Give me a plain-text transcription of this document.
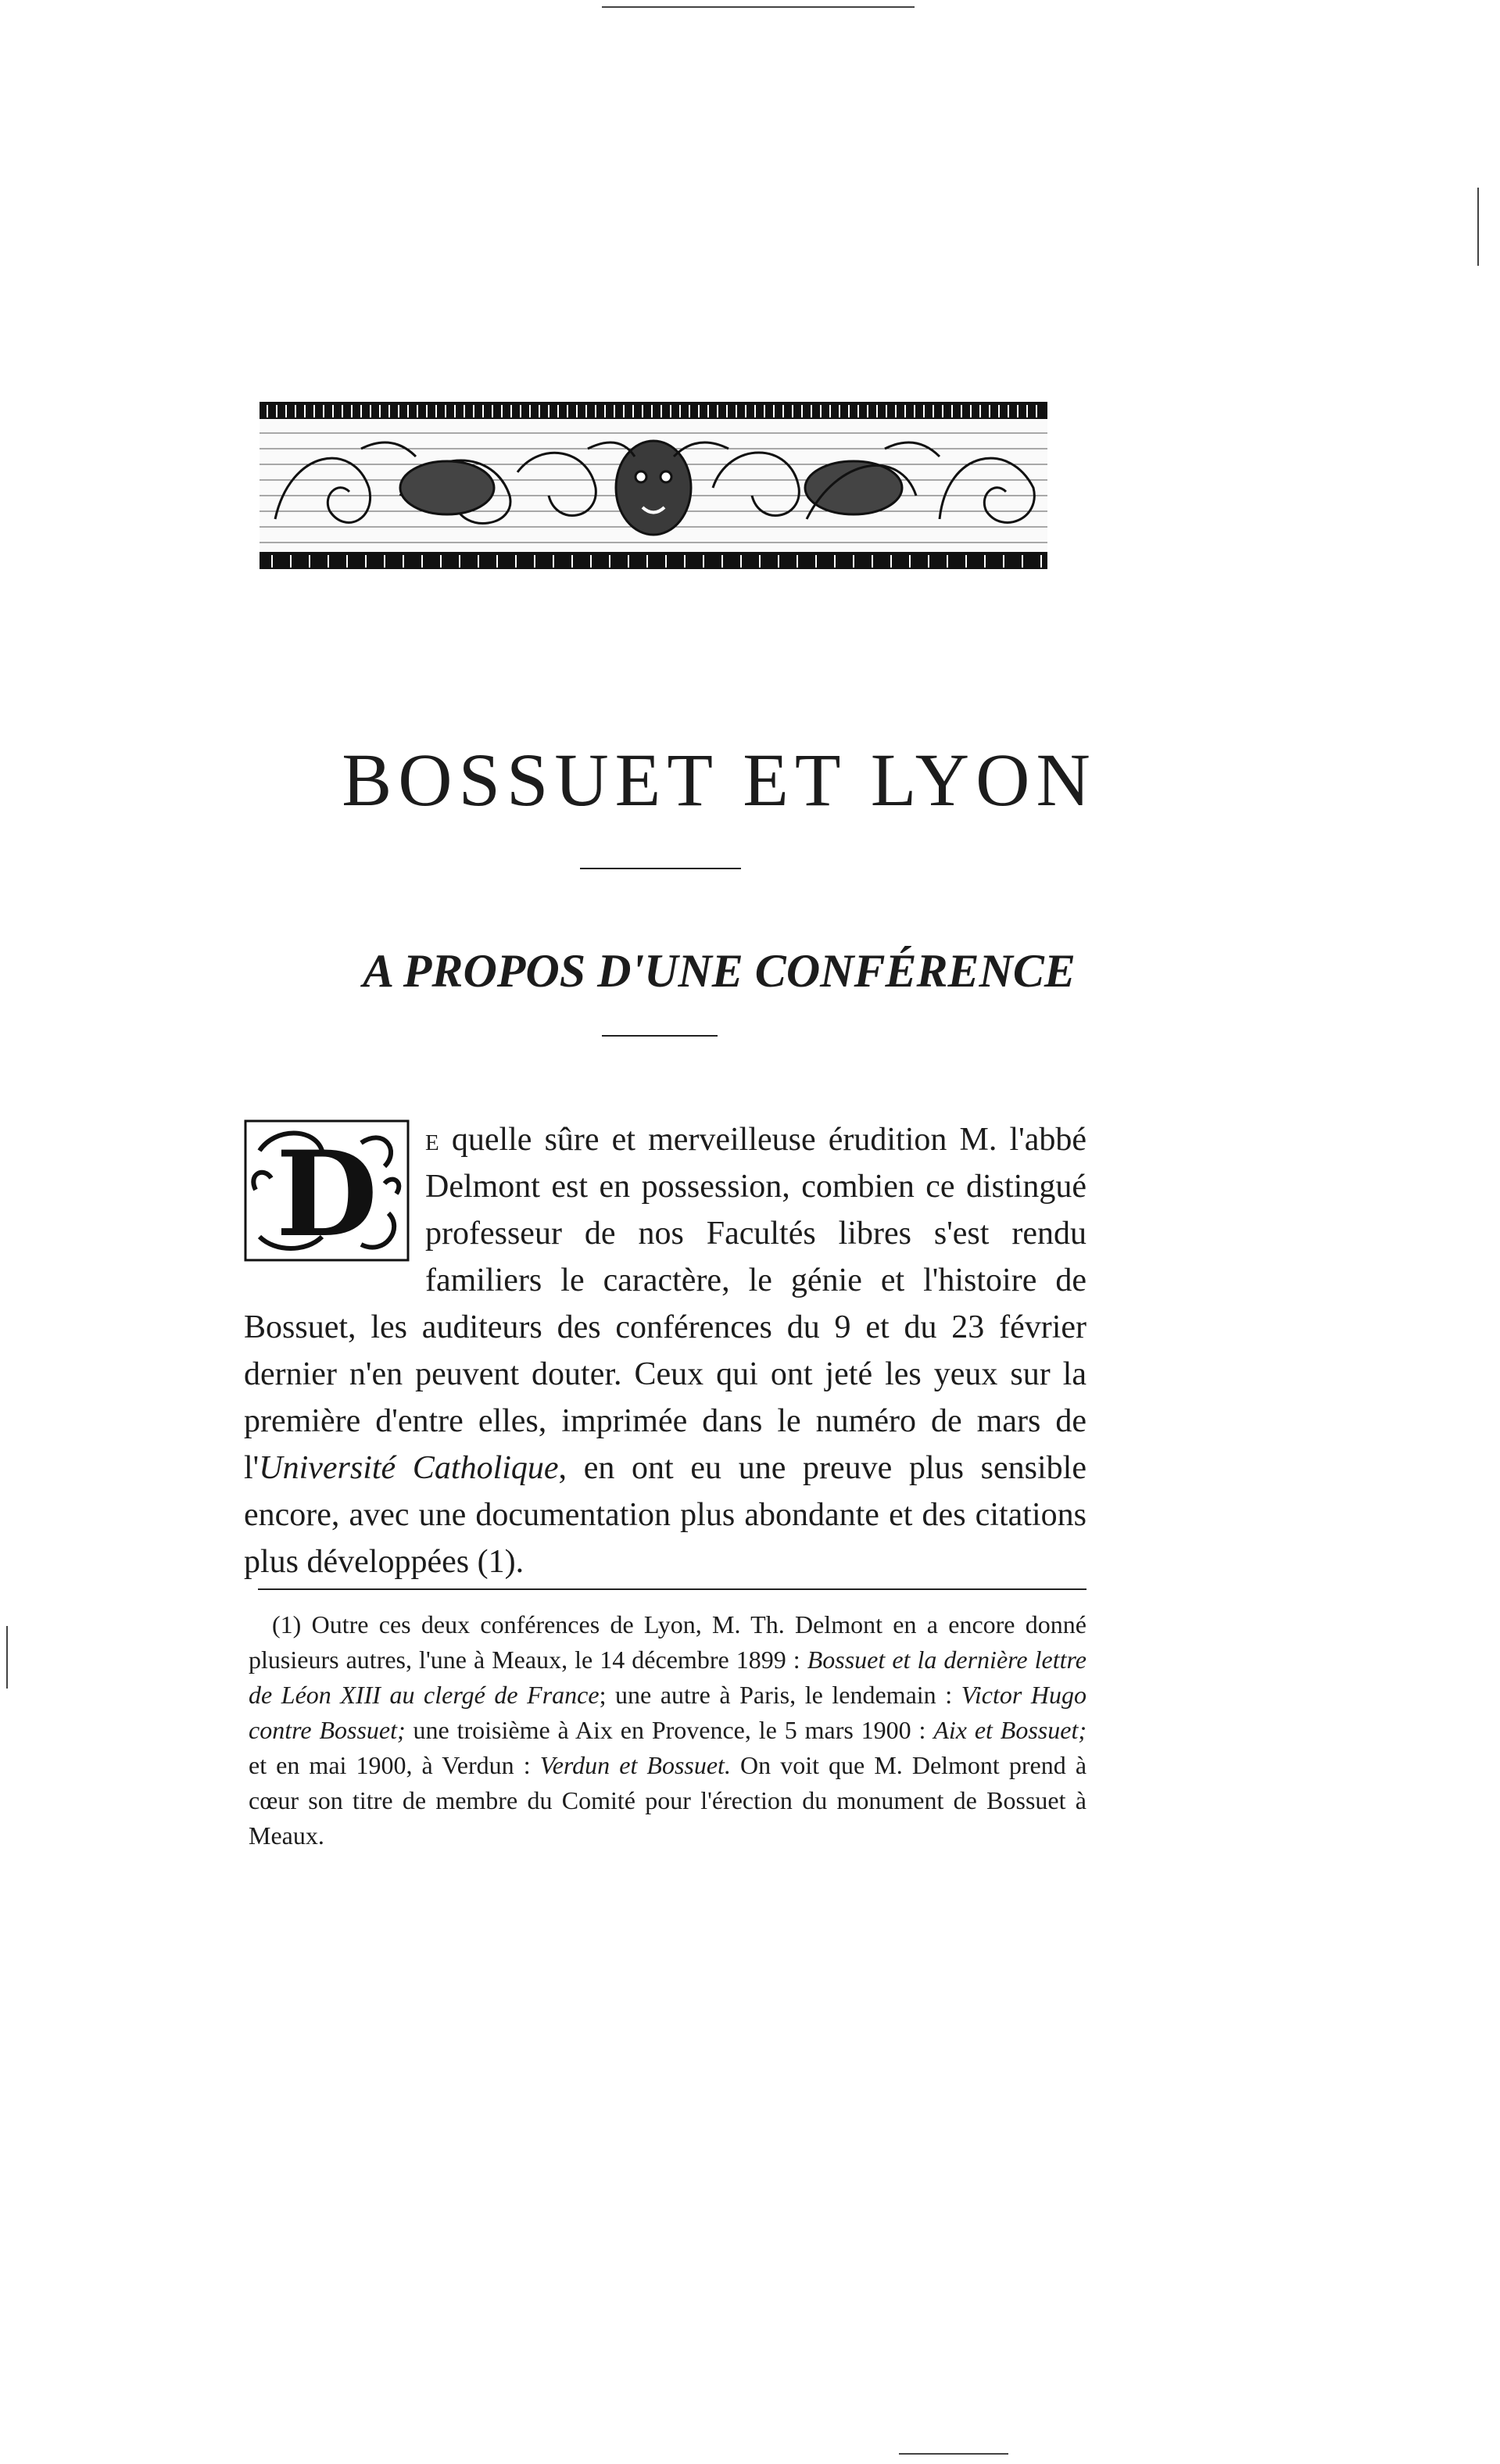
BOSSUET ET LYON
A PROPOS D'UNE CONFÉRENCE

D e quelle sûre et merveilleuse érudition M. l'abbé Delmont est en possession, combien ce distingué professeur de nos Facultés libres s'est rendu familiers le caractère, le génie et l'histoire de Bossuet, les auditeurs des conférences du 9 et du 23 février dernier n'en peuvent douter. Ceux qui ont jeté les yeux sur la première d'entre elles, imprimée dans le numéro de mars de l'Université Catholique, en ont eu une preuve plus sensible encore, avec une documentation plus abondante et des citations plus développées (1).

(1) Outre ces deux conférences de Lyon, M. Th. Delmont en a encore donné plusieurs autres, l'une à Meaux, le 14 décembre 1899 : Bossuet et la dernière lettre de Léon XIII au clergé de France; une autre à Paris, le lendemain : Victor Hugo contre Bossuet; une troisième à Aix en Provence, le 5 mars 1900 : Aix et Bossuet; et en mai 1900, à Verdun : Verdun et Bossuet. On voit que M. Delmont prend à cœur son titre de membre du Comité pour l'érection du monument de Bossuet à Meaux.
